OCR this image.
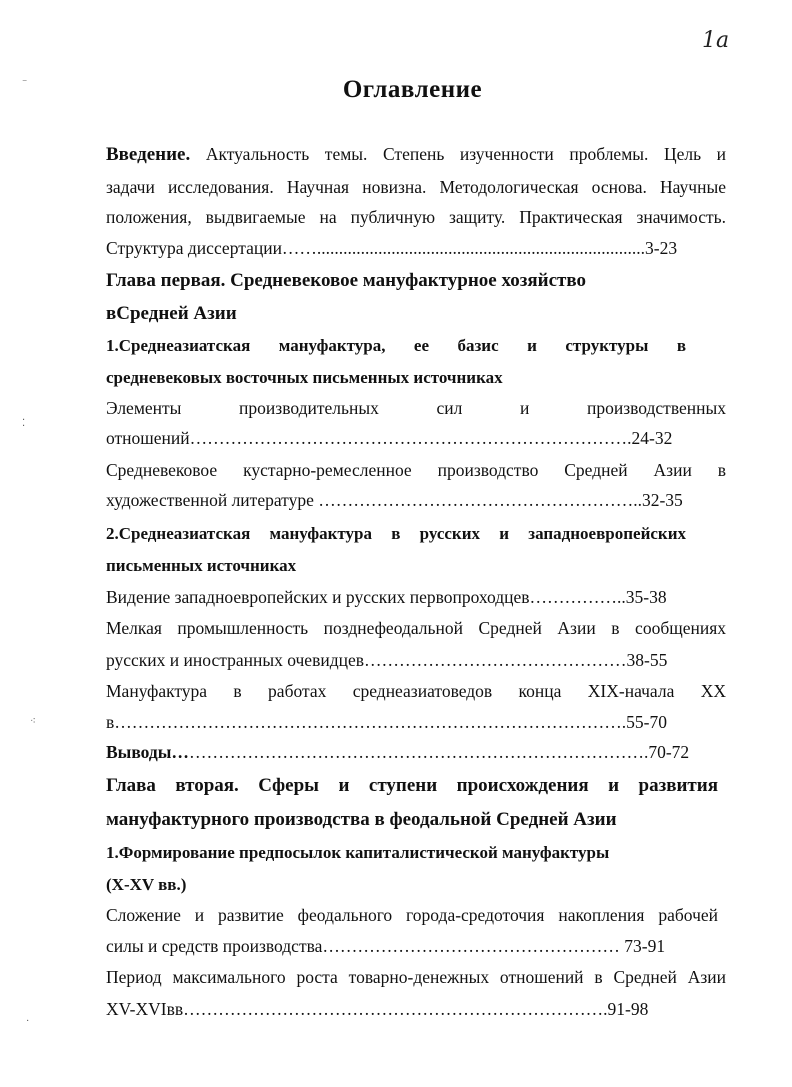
1a
⁻
⁚
⁖
·
Оглавление
Введение. Актуальность темы. Степень изученности проблемы. Цель и
задачи исследования. Научная новизна. Методологическая основа. Научные
положения, выдвигаемые на публичную защиту. Практическая значимость.
Структура диссертации……...........................................................................3-23
Глава первая. Средневековое мануфактурное хозяйство
вСредней Азии
1.Среднеазиатская мануфактура, ее базис и структуры в
средневековых восточных письменных источниках
Элементы производительных сил и производственных
отношений………………………………………………………………….24-32
Средневековое кустарно-ремесленное производство Средней Азии в
художественной литературе ………………………………………………..32-35
2.Среднеазиатская мануфактура в русских и западноевропейских
письменных источниках
Видение западноевропейских и русских первопроходцев……………..35-38
Мелкая промышленность позднефеодальной Средней Азии в сообщениях
русских и иностранных очевидцев………………………………………38-55
Мануфактура в работах среднеазиатоведов конца XIX-начала XX
в…………………………………………………………………………….55-70
Выводы……………………………………………………………………….70-72
Глава вторая. Сферы и ступени происхождения и развития
мануфактурного производства в феодальной Средней Азии
1.Формирование предпосылок капиталистической мануфактуры
(X-XV вв.)
Сложение и развитие феодального города-средоточия накопления рабочей
силы и средств производства…………………………………………… 73-91
Период максимального роста товарно-денежных отношений в Средней Азии
XV-XVIвв……………………………………………………………….91-98
